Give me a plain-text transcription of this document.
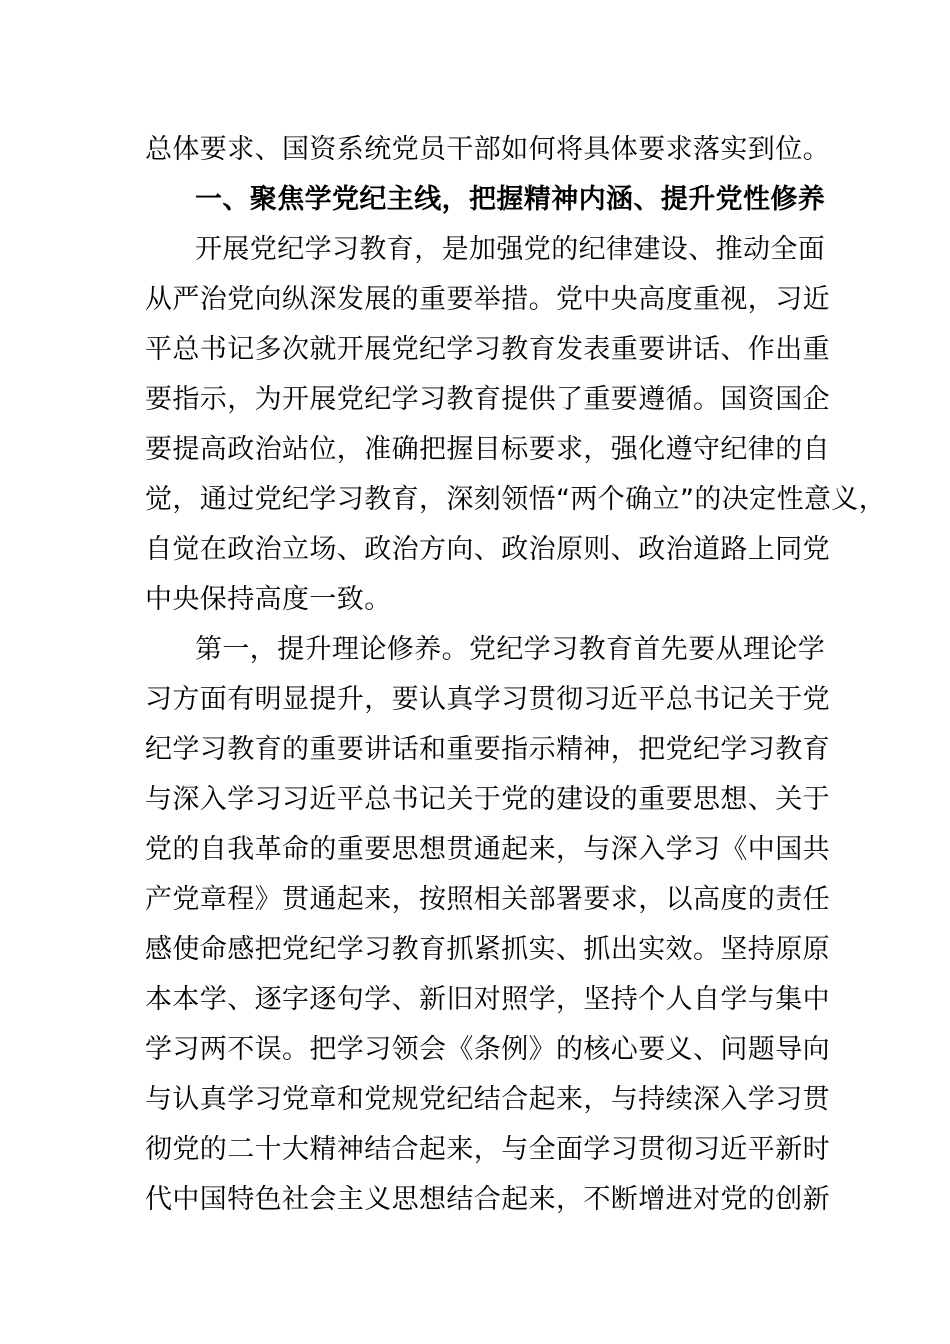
总体要求、国资系统党员干部如何将具体要求落实到位。
一、聚焦学党纪主线，把握精神内涵、提升党性修养
开展党纪学习教育，是加强党的纪律建设、推动全面
从严治党向纵深发展的重要举措。党中央高度重视，习近
平总书记多次就开展党纪学习教育发表重要讲话、作出重
要指示，为开展党纪学习教育提供了重要遵循。国资国企
要提高政治站位，准确把握目标要求，强化遵守纪律的自
觉，通过党纪学习教育，深刻领悟“两个确立”的决定性意义，
自觉在政治立场、政治方向、政治原则、政治道路上同党
中央保持高度一致。
第一，提升理论修养。党纪学习教育首先要从理论学
习方面有明显提升，要认真学习贯彻习近平总书记关于党
纪学习教育的重要讲话和重要指示精神，把党纪学习教育
与深入学习习近平总书记关于党的建设的重要思想、关于
党的自我革命的重要思想贯通起来，与深入学习《中国共
产党章程》贯通起来，按照相关部署要求，以高度的责任
感使命感把党纪学习教育抓紧抓实、抓出实效。坚持原原
本本学、逐字逐句学、新旧对照学，坚持个人自学与集中
学习两不误。把学习领会《条例》的核心要义、问题导向
与认真学习党章和党规党纪结合起来，与持续深入学习贯
彻党的二十大精神结合起来，与全面学习贯彻习近平新时
代中国特色社会主义思想结合起来，不断增进对党的创新
